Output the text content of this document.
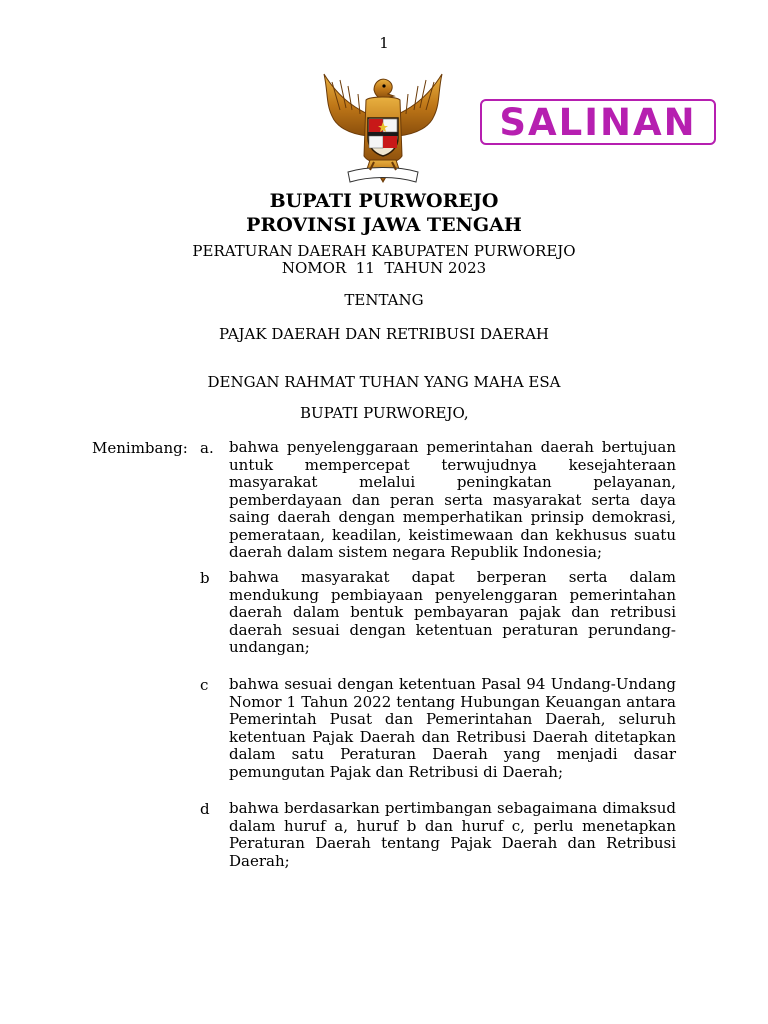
1
SALINAN
BUPATI PURWOREJO
PROVINSI JAWA TENGAH
PERATURAN DAERAH KABUPATEN PURWOREJO
NOMOR  11  TAHUN 2023
TENTANG
PAJAK DAERAH DAN RETRIBUSI DAERAH
DENGAN RAHMAT TUHAN YANG MAHA ESA
BUPATI PURWOREJO,
Menimbang: a. bahwa penyelenggaraan pemerintahan daerah bertujuan
untuk mempercepat terwujudnya kesejahteraan
masyarakat melalui peningkatan pelayanan,
pemberdayaan dan peran serta masyarakat serta daya
saing daerah dengan memperhatikan prinsip demokrasi,
pemerataan, keadilan, keistimewaan dan kekhusus suatu
daerah dalam sistem negara Republik Indonesia;
b bahwa masyarakat dapat berperan serta dalam
mendukung pembiayaan penyelenggaran pemerintahan
daerah dalam bentuk pembayaran pajak dan retribusi
daerah sesuai dengan ketentuan peraturan perundang-
undangan;
c bahwa sesuai dengan ketentuan Pasal 94 Undang-Undang
Nomor 1 Tahun 2022 tentang Hubungan Keuangan antara
Pemerintah Pusat dan Pemerintahan Daerah, seluruh
ketentuan Pajak Daerah dan Retribusi Daerah ditetapkan
dalam satu Peraturan Daerah yang menjadi dasar
pemungutan Pajak dan Retribusi di Daerah;
d bahwa berdasarkan pertimbangan sebagaimana dimaksud
dalam huruf a, huruf b dan huruf c, perlu menetapkan
Peraturan Daerah tentang Pajak Daerah dan Retribusi
Daerah;
